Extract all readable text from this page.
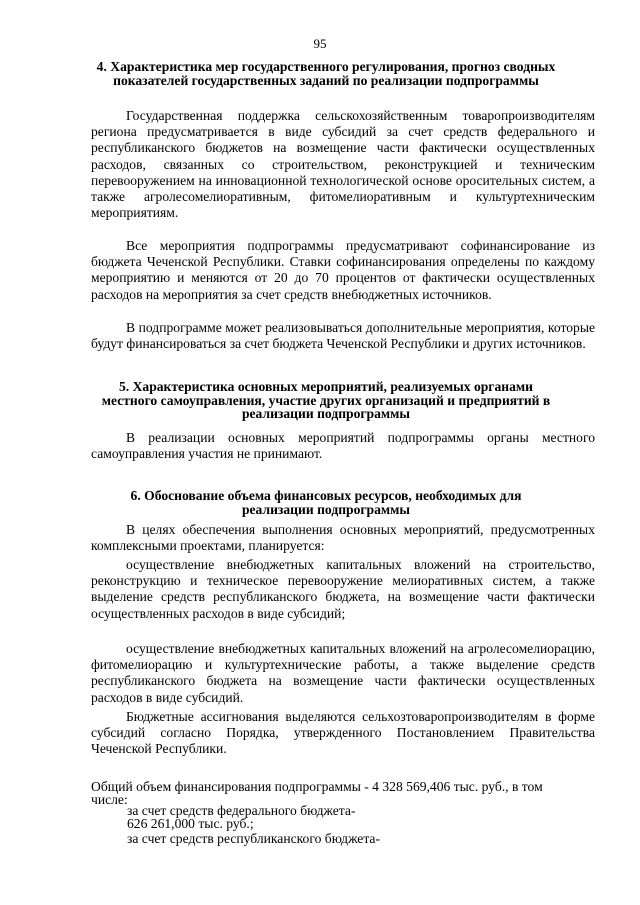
95
4. Характеристика мер государственного регулирования, прогноз сводных показателей государственных заданий по реализации подпрограммы
Государственная поддержка сельскохозяйственным товаропроизводителям региона предусматривается в виде субсидий за счет средств федерального и республиканского бюджетов на возмещение части фактически осуществленных расходов, связанных со строительством, реконструкцией и техническим перевооружением на инновационной технологической основе оросительных систем, а также агролесомелиоративным, фитомелиоративным и культуртехническим мероприятиям.
Все мероприятия подпрограммы предусматривают софинансирование из бюджета Чеченской Республики. Ставки софинансирования определены по каждому мероприятию и меняются от 20 до 70 процентов от фактически осуществленных расходов на мероприятия за счет средств внебюджетных источников.
В подпрограмме может реализовываться дополнительные мероприятия, которые будут финансироваться за счет бюджета Чеченской Республики и других источников.
5. Характеристика основных мероприятий, реализуемых органами местного самоуправления, участие других организаций и предприятий в реализации подпрограммы
В реализации основных мероприятий подпрограммы органы местного самоуправления участия не принимают.
6. Обоснование объема финансовых ресурсов, необходимых для реализации подпрограммы
В целях обеспечения выполнения основных мероприятий, предусмотренных комплексными проектами, планируется:
осуществление внебюджетных капитальных вложений на строительство, реконструкцию и техническое перевооружение мелиоративных систем, а также выделение средств республиканского бюджета, на возмещение части фактически осуществленных расходов в виде субсидий;
осуществление внебюджетных капитальных вложений на агролесомелиорацию, фитомелиорацию и культуртехнические работы, а также выделение средств республиканского бюджета на возмещение части фактически осуществленных расходов в виде субсидий.
Бюджетные ассигнования выделяются сельхозтоваропроизводителям в форме субсидий согласно Порядка, утвержденного Постановлением Правительства Чеченской Республики.
Общий объем финансирования подпрограммы - 4 328 569,406 тыс. руб., в том
числе:
за счет средств федерального бюджета-
626 261,000 тыс. руб.;
за счет средств республиканского бюджета-
